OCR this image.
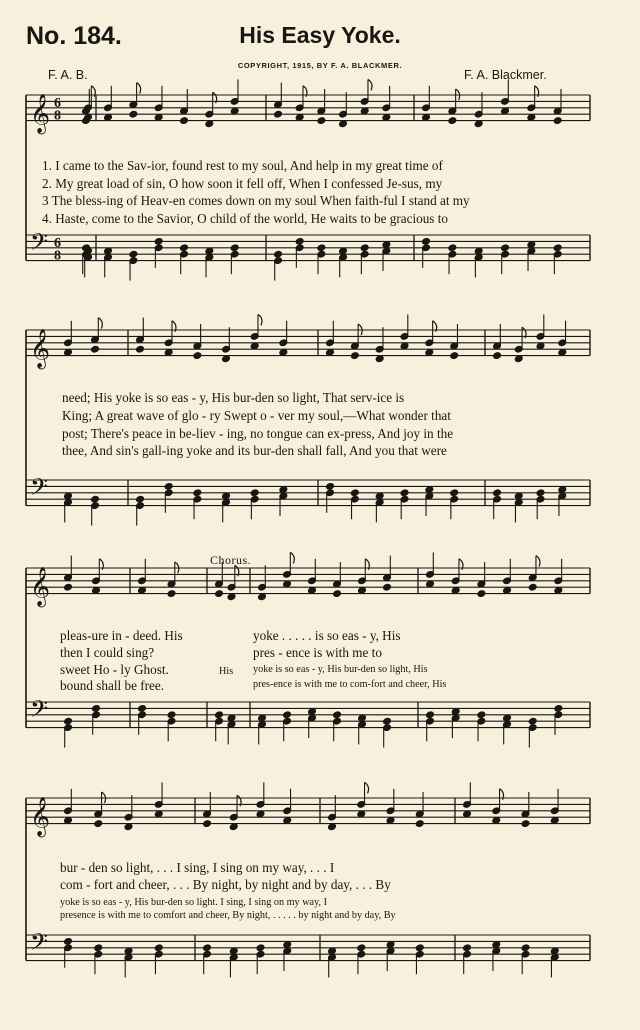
No. 184.	His Easy Yoke.
COPYRIGHT, 1915, BY F. A. BLACKMER.
F. A. B.	F. A. Blackmer.
𝄞
𝄢
6
6
8
8
𝄞
𝄢
𝄞
𝄢
𝄞
𝄢
1. I came to the Sav-ior, found rest to my soul, And help in my great time of
2. My great load of sin, O how soon it fell off, When I confessed Je-sus, my
3 The bless-ing of Heav-en comes down on my soul When faith-ful I stand at my
4. Haste, come to the Savior, O child of the world, He waits to be gracious to
need; His yoke is so eas - y, His bur-den so light, That serv-ice is
King; A great wave of glo - ry Swept o - ver my soul,—What wonder that
post; There's peace in be-liev - ing, no tongue can ex-press, And joy in the
thee, And sin's gall-ing yoke and its bur-den shall fall, And you that were
Chorus.
pleas-ure in - deed. His
then I could sing?
sweet Ho - ly Ghost.
bound shall be free.
yoke . . . . . is so eas - y, His
pres - ence is with me to
His yoke is so eas - y, His bur-den so light, His
pres-ence is with me to com-fort and cheer, His
bur - den so light, . . . I sing, I sing on my way, . . . I
com - fort and cheer, . . . By night, by night and by day, . . . By
yoke is so eas - y, His bur-den so light. I sing, I sing on my way, I
presence is with me to comfort and cheer, By night, . . . . . by night and by day, By
